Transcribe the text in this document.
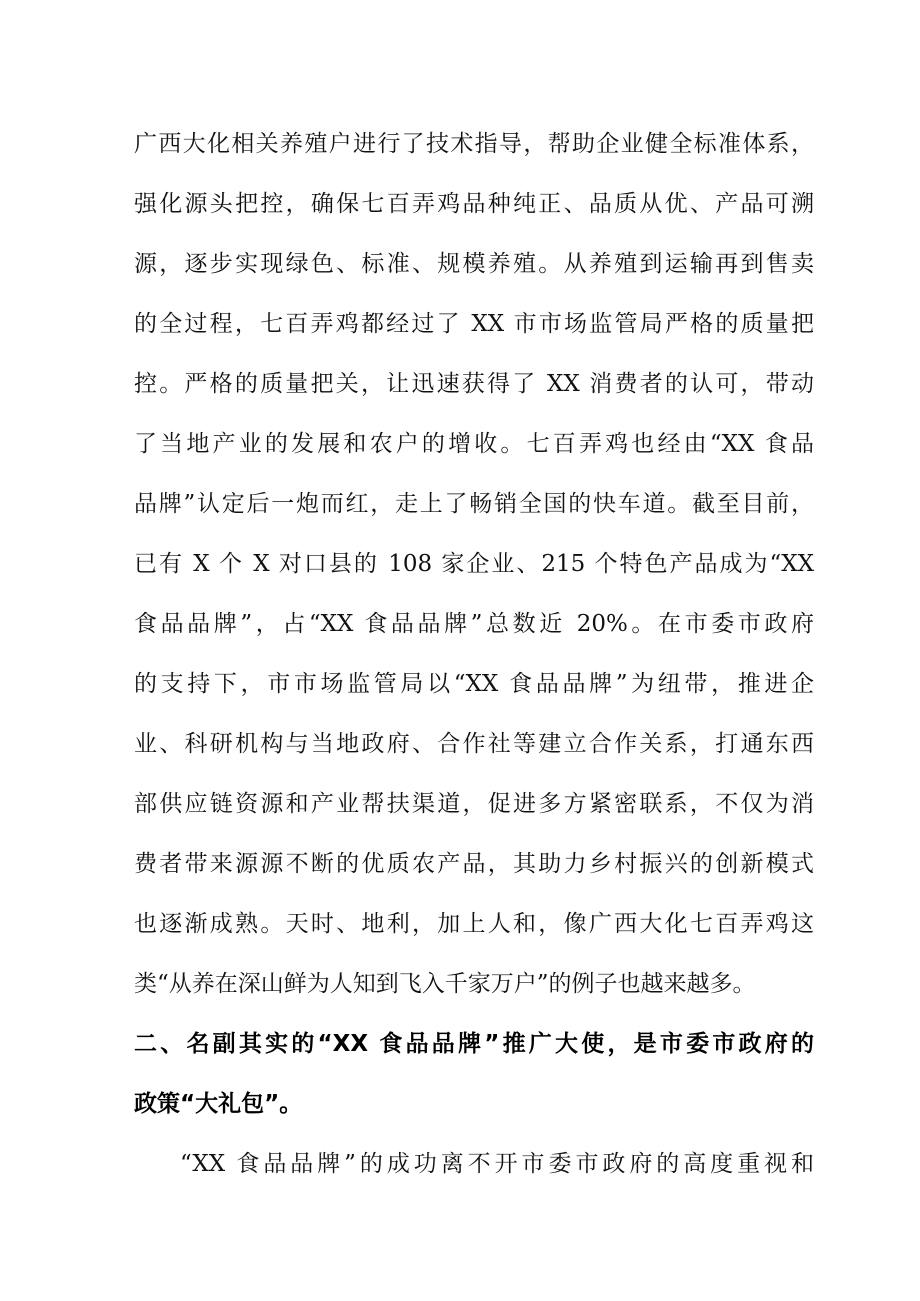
广西大化相关养殖户进行了技术指导，帮助企业健全标准体系，
强化源头把控，确保七百弄鸡品种纯正、品质从优、产品可溯
源，逐步实现绿色、标准、规模养殖。从养殖到运输再到售卖
的全过程，七百弄鸡都经过了 XX 市市场监管局严格的质量把
控。严格的质量把关，让迅速获得了 XX 消费者的认可，带动
了当地产业的发展和农户的增收。七百弄鸡也经由“XX 食品
品牌”认定后一炮而红，走上了畅销全国的快车道。截至目前，
已有 X 个 X 对口县的 108 家企业、215 个特色产品成为“XX
食品品牌”，占“XX 食品品牌”总数近 20%。在市委市政府
的支持下，市市场监管局以“XX 食品品牌”为纽带，推进企
业、科研机构与当地政府、合作社等建立合作关系，打通东西
部供应链资源和产业帮扶渠道，促进多方紧密联系，不仅为消
费者带来源源不断的优质农产品，其助力乡村振兴的创新模式
也逐渐成熟。天时、地利，加上人和，像广西大化七百弄鸡这
类“从养在深山鲜为人知到飞入千家万户”的例子也越来越多。
二、名副其实的“XX 食品品牌”推广大使，是市委市政府的
政策“大礼包”。
“XX 食品品牌”的成功离不开市委市政府的高度重视和
